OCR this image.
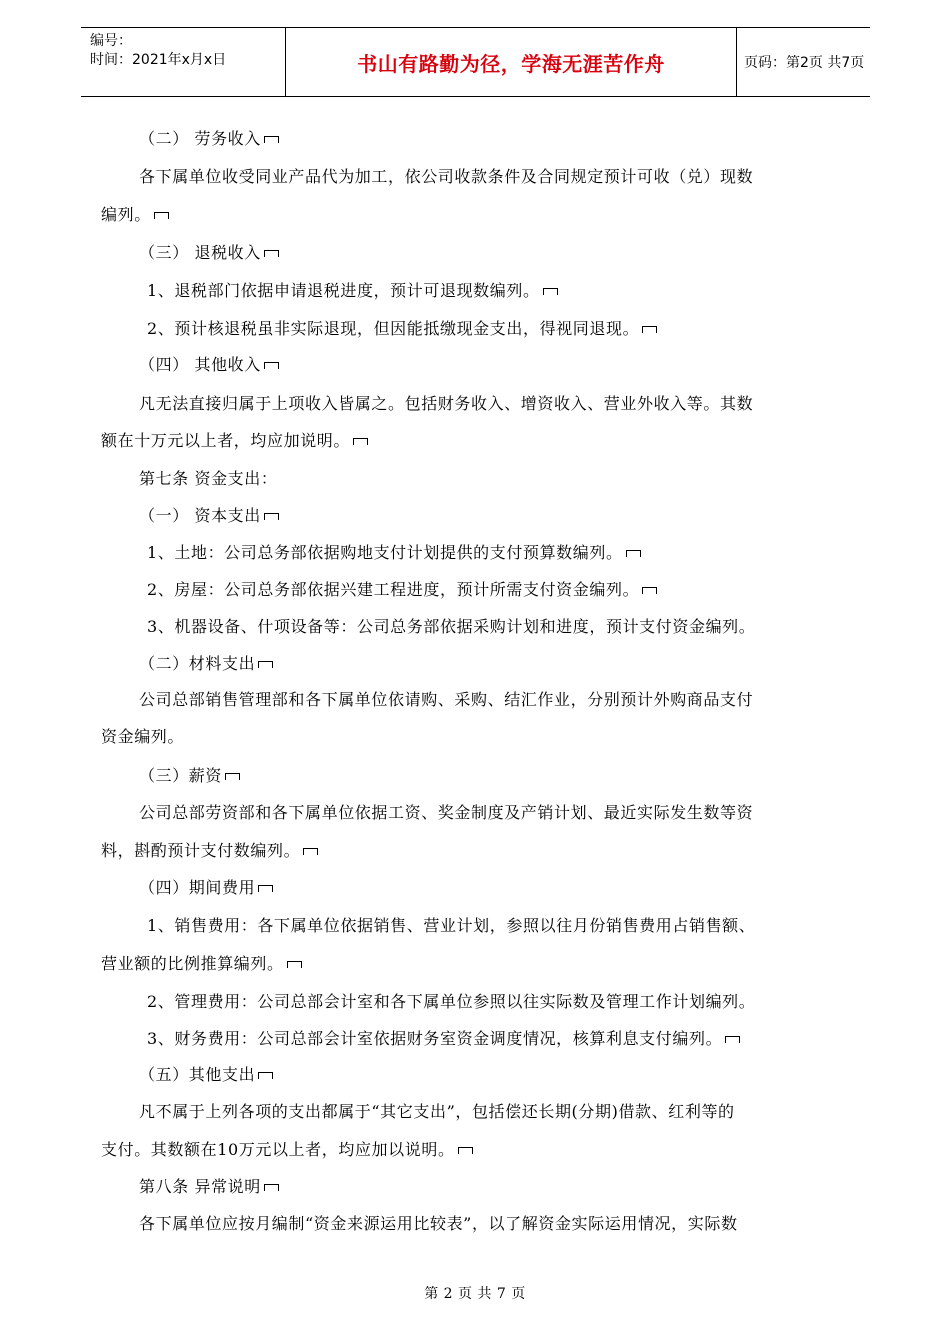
编号：
时间：2021年x月x日	书山有路勤为径，学海无涯苦作舟	页码：第2页 共7页
（二） 劳务收入
各下属单位收受同业产品代为加工，依公司收款条件及合同规定预计可收（兑）现数
编列。
（三） 退税收入
1、退税部门依据申请退税进度，预计可退现数编列。
2、预计核退税虽非实际退现，但因能抵缴现金支出，得视同退现。
（四） 其他收入
凡无法直接归属于上项收入皆属之。包括财务收入、增资收入、营业外收入等。其数
额在十万元以上者，均应加说明。
第七条 资金支出：
（一） 资本支出
1、土地：公司总务部依据购地支付计划提供的支付预算数编列。
2、房屋：公司总务部依据兴建工程进度，预计所需支付资金编列。
3、机器设备、什项设备等：公司总务部依据采购计划和进度，预计支付资金编列。
（二）材料支出
公司总部销售管理部和各下属单位依请购、采购、结汇作业，分别预计外购商品支付
资金编列。
（三）薪资
公司总部劳资部和各下属单位依据工资、奖金制度及产销计划、最近实际发生数等资
料，斟酌预计支付数编列。
（四）期间费用
1、销售费用：各下属单位依据销售、营业计划，参照以往月份销售费用占销售额、
营业额的比例推算编列。
2、管理费用：公司总部会计室和各下属单位参照以往实际数及管理工作计划编列。
3、财务费用：公司总部会计室依据财务室资金调度情况，核算利息支付编列。
（五）其他支出
凡不属于上列各项的支出都属于“其它支出”，包括偿还长期(分期)借款、红利等的
支付。其数额在10万元以上者，均应加以说明。
第八条 异常说明
各下属单位应按月编制“资金来源运用比较表”，以了解资金实际运用情况，实际数
第 2 页 共 7 页
